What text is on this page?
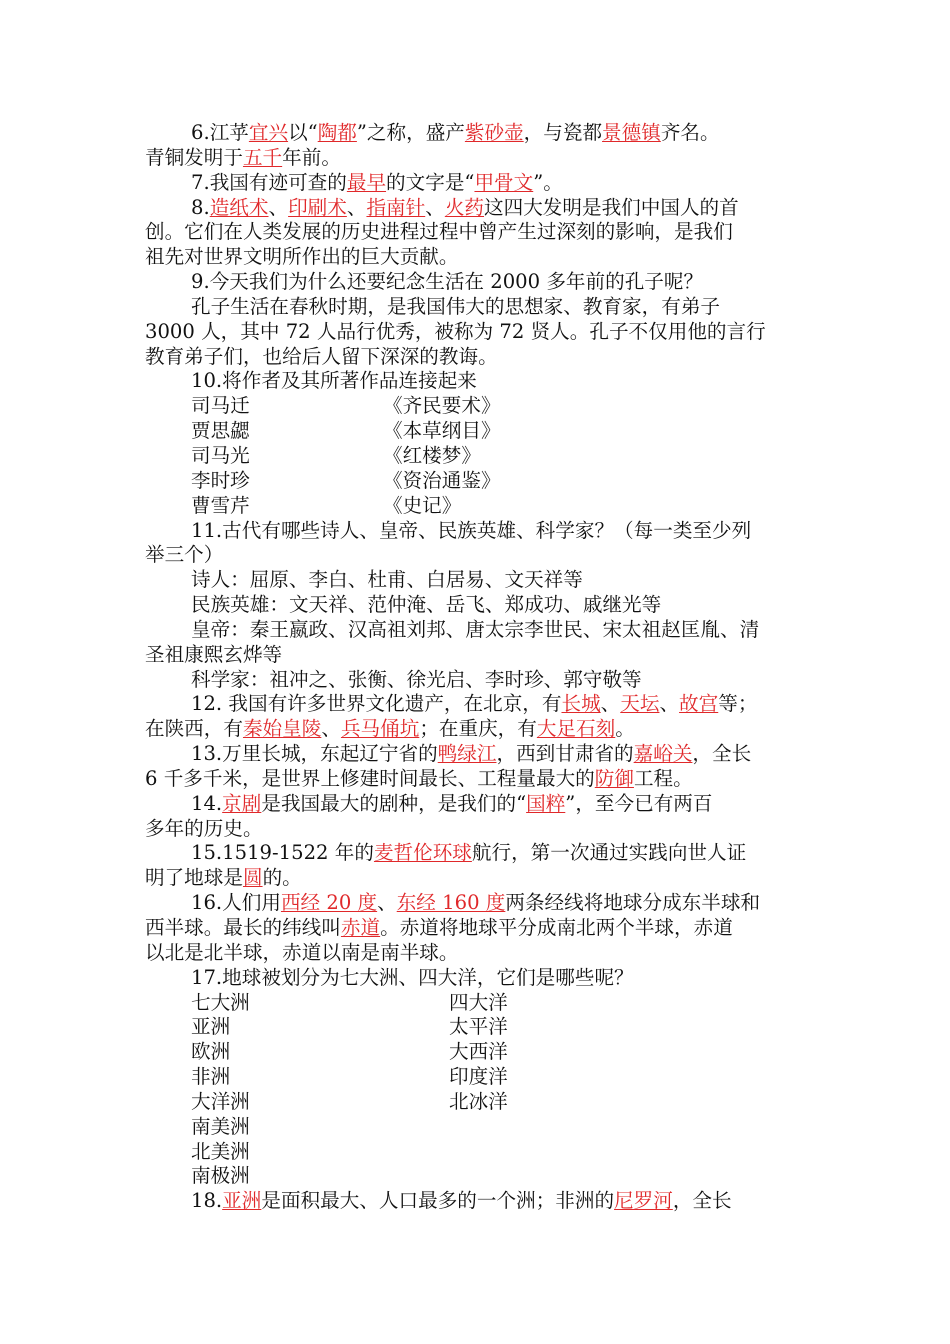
6.江苸宜兴以“陶都”之称，盛产紫砂壶，与瓷都景德镇齐名。
青铜发明于五千年前。
7.我国有迹可查的最早的文字是“甲骨文”。
8.造纸术、印刷术、指南针、火药这四大发明是我们中国人的首
创。它们在人类发展的历史进程过程中曾产生过深刻的影响，是我们
祖先对世界文明所作出的巨大贡献。
9.今天我们为什么还要纪念生活在 2000 多年前的孔子呢？
孔子生活在春秋时期，是我国伟大的思想家、教育家，有弟子
3000 人，其中 72 人品行优秀，被称为 72 贤人。孔子不仅用他的言行
教育弟子们，也给后人留下深深的教诲。
10.将作者及其所著作品连接起来
司马迁	《齐民要术》
贾思勰	《本草纲目》
司马光	《红楼梦》
李时珍	《资治通鉴》
曹雪芹	《史记》
11.古代有哪些诗人、皇帝、民族英雄、科学家？（每一类至少列
举三个）
诗人：屈原、李白、杜甫、白居易、文天祥等
民族英雄：文天祥、范仲淹、岳飞、郑成功、戚继光等
皇帝：秦王嬴政、汉高祖刘邦、唐太宗李世民、宋太祖赵匡胤、清
圣祖康熙玄烨等
科学家：祖冲之、张衡、徐光启、李时珍、郭守敬等
12. 我国有许多世界文化遗产，在北京，有长城、天坛、故宫等；
在陕西，有秦始皇陵、兵马俑坑；在重庆，有大足石刻。
13.万里长城，东起辽宁省的鸭绿江，西到甘肃省的嘉峪关，全长
6 千多千米，是世界上修建时间最长、工程量最大的防御工程。
14.京剧是我国最大的剧种，是我们的“国粹”，至今已有两百
多年的历史。
15.1519-1522 年的麦哲伦环球航行，第一次通过实践向世人证
明了地球是圆的。
16.人们用西经 20 度、东经 160 度两条经线将地球分成东半球和
西半球。最长的纬线叫赤道。赤道将地球平分成南北两个半球，赤道
以北是北半球，赤道以南是南半球。
17.地球被划分为七大洲、四大洋，它们是哪些呢？
七大洲	四大洋
亚洲	太平洋
欧洲	大西洋
非洲	印度洋
大洋洲	北冰洋
南美洲
北美洲
南极洲
18.亚洲是面积最大、人口最多的一个洲；非洲的尼罗河，全长
